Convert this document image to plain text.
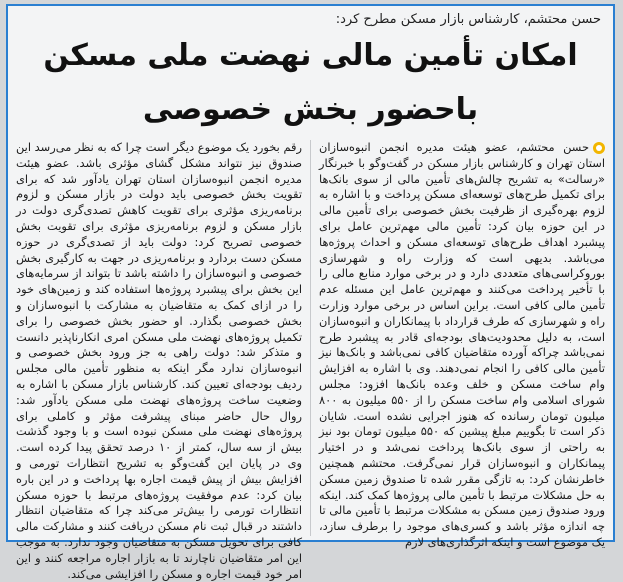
حسن محتشم، کارشناس بازار مسکن مطرح کرد:
امکان تأمین مالی نهضت ملی مسکن
باحضور بخش خصوصی

حسن محتشم، عضو هیئت مدیره انجمن انبوه‌سازان استان تهران و کارشناس بازار مسکن در گفت‌وگو با خبرنگار «رسالت» به تشریح چالش‌های تأمین مالی از سوی بانک‌ها برای تکمیل طرح‌های توسعه‌ای مسکن پرداخت و با اشاره به لزوم بهره‌گیری از ظرفیت بخش خصوصی برای تأمین مالی در این حوزه بیان کرد: تأمین مالی مهم‌ترین عامل برای پیشبرد اهداف طرح‌های توسعه‌ای مسکن و احداث پروژه‌ها می‌باشد. بدیهی است که وزارت راه و شهرسازی بوروکراسی‌های متعددی دارد و در برخی موارد منابع مالی را با تأخیر پرداخت می‌کنند و مهم‌ترین عامل این مسئله عدم تأمین مالی کافی است. براین اساس در برخی موارد وزارت راه و شهرسازی که طرف قرارداد با پیمانکاران و انبوه‌سازان است، به دلیل محدودیت‌های بودجه‌ای قادر به پیشبرد طرح نمی‌باشد چراکه آورده متقاضیان کافی نمی‌باشد و بانک‌ها نیز تأمین مالی کافی را انجام نمی‌دهند. وی با اشاره به افزایش وام ساخت مسکن و خلف وعده بانک‌ها افزود: مجلس شورای اسلامی وام ساخت مسکن را از ۵۵۰ میلیون به ۸۰۰ میلیون تومان رسانده که هنوز اجرایی نشده است. شایان ذکر است تا بگوییم مبلغ پیشین که ۵۵۰ میلیون تومان بود نیز به راحتی از سوی بانک‌ها پرداخت نمی‌شد و در اختیار پیمانکاران و انبوه‌سازان قرار نمی‌گرفت. محتشم همچنین خاطرنشان کرد: به تازگی مقرر شده تا صندوق زمین مسکن به حل مشکلات مرتبط با تأمین مالی پروژه‌ها کمک کند. اینکه ورود صندوق زمین مسکن به مشکلات مرتبط با تأمین مالی تا چه اندازه مؤثر باشد و کسری‌های موجود را برطرف سازد، یک موضوع است و اینکه اثرگذاری‌های لازم

رقم بخورد یک موضوع دیگر است چرا که به نظر می‌رسد این صندوق نیز نتواند مشکل گشای مؤثری باشد. عضو هیئت مدیره انجمن انبوه‌سازان استان تهران یادآور شد که برای تقویت بخش خصوصی باید دولت در بازار مسکن و لزوم برنامه‌ریزی مؤثری برای تقویت کاهش تصدی‌گری دولت در بازار مسکن و لزوم برنامه‌ریزی مؤثری برای تقویت بخش خصوصی تصریح کرد: دولت باید از تصدی‌گری در حوزه مسکن دست بردارد و برنامه‌ریزی در جهت به کارگیری بخش خصوصی و انبوه‌سازان را داشته باشد تا بتواند از سرمایه‌های این بخش برای پیشبرد پروژه‌ها استفاده کند و زمین‌های خود را در ازای کمک به متقاضیان به مشارکت با انبوه‌سازان و بخش خصوصی بگذارد. او حضور بخش خصوصی را برای تکمیل پروژه‌های نهضت ملی مسکن امری انکارناپذیر دانست و متذکر شد: دولت راهی به جز ورود بخش خصوصی و انبوه‌سازان ندارد مگر اینکه به منظور تأمین مالی مجلس ردیف بودجه‌ای تعیین کند. کارشناس بازار مسکن با اشاره به وضعیت ساخت پروژه‌های نهضت ملی مسکن یادآور شد: روال حال حاضر مبنای پیشرفت مؤثر و کاملی برای پروژه‌های نهضت ملی مسکن نبوده است و با وجود گذشت بیش از سه سال، کمتر از ۱۰ درصد تحقق پیدا کرده است. وی در پایان این گفت‌وگو به تشریح انتظارات تورمی و افزایش بیش از پیش قیمت اجاره بها پرداخت و در این باره بیان کرد: عدم موفقیت پروژه‌های مرتبط با حوزه مسکن انتظارات تورمی را بیش‌تر می‌کند چرا که متقاضیان انتظار داشتند در قبال ثبت نام مسکن دریافت کنند و مشارکت مالی کافی برای تحویل مسکن به متقاضیان وجود ندارد. به موجب این امر متقاضیان ناچارند تا به بازار اجاره مراجعه کنند و این امر خود قیمت اجاره و مسکن را افزایشی می‌کند.
